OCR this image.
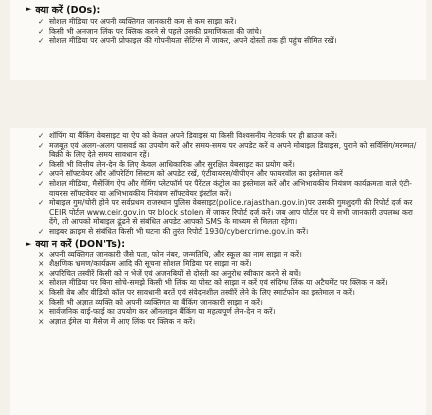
► क्या करें (DOs):
✓ सोशल मीडिया पर अपनी व्यक्तिगत जानकारी कम से कम साझा करें।
✓ किसी भी अनजान लिंक पर क्लिक करने से पहले उसकी प्रमाणिकता की जांचे।
✓ सोशल मीडिया पर अपनी प्रोफाइल की गोपनीयता सेटिंग्स में जाकर, अपने दोस्तों तक ही पहुंच सीमित रखें।
✓ शॉपिंग या बैंकिंग वेबसाइट या ऐप को केवल अपने डिवाइस या किसी विश्वसनीय नेटवर्क पर ही ब्राउज करें।
✓ मजबूत एवं अलग-अलग पासवर्ड का उपयोग करें और समय-समय पर अपडेट करें व अपने मोबाइल डिवाइस, पुराने को सर्विसिंग/मरम्मत/बिक्री के लिए देते समय सावधान रहें।
✓ किसी भी वित्तीय लेन-देन के लिए केवल आधिकारिक और सुरक्षित वेबसाइट का प्रयोग करें।
✓ अपने सॉफ्टवेयर और ऑपरेटिंग सिस्टम को अपडेट रखें, एंटीवायरस/वीपीएन और फायरवॉल का इस्तेमाल करें
✓ सोशल मीडिया, मैसेंजिंग ऐप और गेमिंग प्लेटफॉर्म पर पैरेंटल कंट्रोल का इस्तेमाल करें और अभिभावकीय नियंत्रण कार्यक्रमता वाले एंटी-वायरस सॉफ्टवेयर या अभिभावकीय नियंत्रण सॉफ्टवेयर इंस्टॉल करें।
✓ मोबाइल गुम/चोरी होने पर सर्वप्रथम राजस्थान पुलिस वेबसाइट(police.rajasthan.gov.in)पर उसकी गुमशुदगी की रिपोर्ट दर्ज कर CEIR पोर्टल www.ceir.gov.in पर block stolen में जाकर रिपोर्ट दर्ज करें। जब आप पोर्टल पर ये सभी जानकारी उपलब्ध करा देंगे, तो आपको मोबाइल ढूंढने से संबंधित अपडेट आपको SMS के माध्यम से मिलता रहेगा।
✓ साइबर क्राइम से संबंधित किसी भी घटना की तुरंत रिपोर्ट 1930/cybercrime.gov.in करें।
► क्या न करें (DON'Ts):
× अपनी व्यक्तिगत जानकारी जैसे पता, फोन नंबर, जन्मतिथि, और स्कूल का नाम साझा न करें।
× शैक्षणिक भ्रमण/कार्यक्रम आदि की सूचना सोशल मिडिया पर साझा ना करें।
× अपरिचित तस्वीरें किसी को न भेजें एवं अजनबियों से दोस्ती का अनुरोध स्वीकार करने से बचें।
× सोशल मीडिया पर बिना सोचे-समझे किसी भी लिंक या पोस्ट को साझा न करें एवं संदिग्ध लिंक या अटैचमेंट पर क्लिक न करें।
× किसी वेब और वीडियो कॉल पर सावधानी बरतें एवं संवेदनशील तस्वीरें लेने के लिए स्मार्टफोन का इस्तेमाल न करें।
× किसी भी अज्ञात व्यक्ति को अपनी व्यक्तिगत या बैंकिंग जानकारी साझा न करें।
× सार्वजनिक वाई-फाई का उपयोग कर ऑनलाइन बैंकिंग या महत्वपूर्ण लेन-देन न करें।
× अज्ञात ईमेल या मैसेज में आए लिंक पर क्लिक न करें।
